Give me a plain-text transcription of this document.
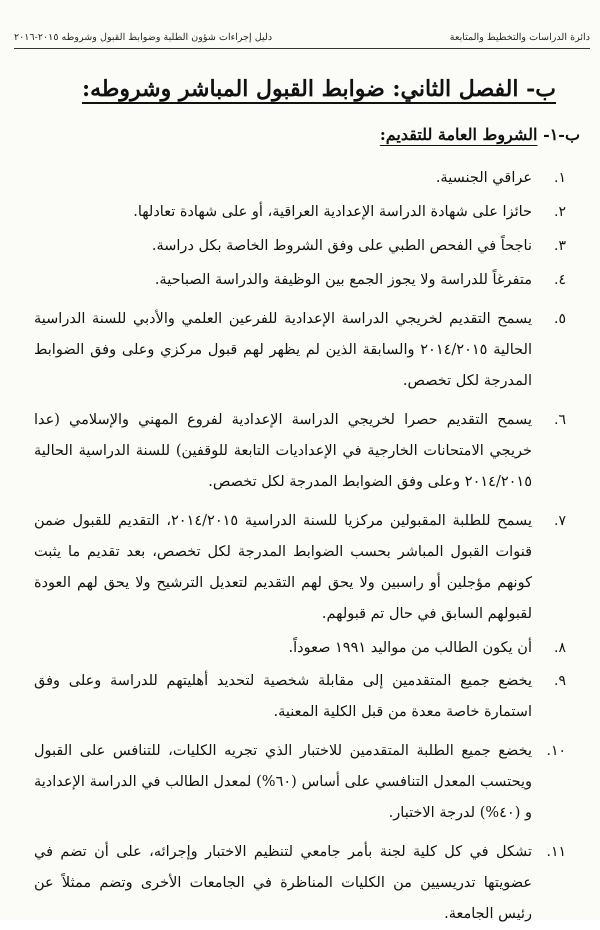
دائرة الدراسات والتخطيط والمتابعة
دليل إجراءات شؤون الطلبة وضوابط القبول وشروطه ٢٠١٥-٢٠١٦
ب- الفصل الثاني: ضوابط القبول المباشر وشروطه:
ب-١- الشروط العامة للتقديم:
١.
عراقي الجنسية.
٢.
حائزا على شهادة الدراسة الإعدادية العراقية، أو على شهادة تعادلها.
٣.
ناجحاً في الفحص الطبي على وفق الشروط الخاصة بكل دراسة.
٤.
متفرغاً للدراسة ولا يجوز الجمع بين الوظيفة والدراسة الصباحية.
٥.
يسمح التقديم لخريجي الدراسة الإعدادية للفرعين العلمي والأدبي للسنة الدراسية الحالية ٢٠١٤/٢٠١٥ والسابقة الذين لم يظهر لهم قبول مركزي وعلى وفق الضوابط المدرجة لكل تخصص.
٦.
يسمح التقديم حصرا لخريجي الدراسة الإعدادية لفروع المهني والإسلامي (عدا خريجي الامتحانات الخارجية في الإعداديات التابعة للوقفين) للسنة الدراسية الحالية ٢٠١٤/٢٠١٥ وعلى وفق الضوابط المدرجة لكل تخصص.
٧.
يسمح للطلبة المقبولين مركزيا للسنة الدراسية ٢٠١٤/٢٠١٥، التقديم للقبول ضمن قنوات القبول المباشر بحسب الضوابط المدرجة لكل تخصص، بعد تقديم ما يثبت كونهم مؤجلين أو راسبين ولا يحق لهم التقديم لتعديل الترشيح ولا يحق لهم العودة لقبولهم السابق في حال تم قبولهم.
٨.
أن يكون الطالب من مواليد ١٩٩١ صعوداً.
٩.
يخضع جميع المتقدمين إلى مقابلة شخصية لتحديد أهليتهم للدراسة وعلى وفق استمارة خاصة معدة من قبل الكلية المعنية.
١٠.
يخضع جميع الطلبة المتقدمين للاختبار الذي تجريه الكليات، للتنافس على القبول ويحتسب المعدل التنافسي على أساس (٦٠%) لمعدل الطالب في الدراسة الإعدادية و (٤٠%) لدرجة الاختبار.
١١.
تشكل في كل كلية لجنة بأمر جامعي لتنظيم الاختبار وإجرائه، على أن تضم في عضويتها تدريسيين من الكليات المناظرة في الجامعات الأخرى وتضم ممثلاً عن رئيس الجامعة.
